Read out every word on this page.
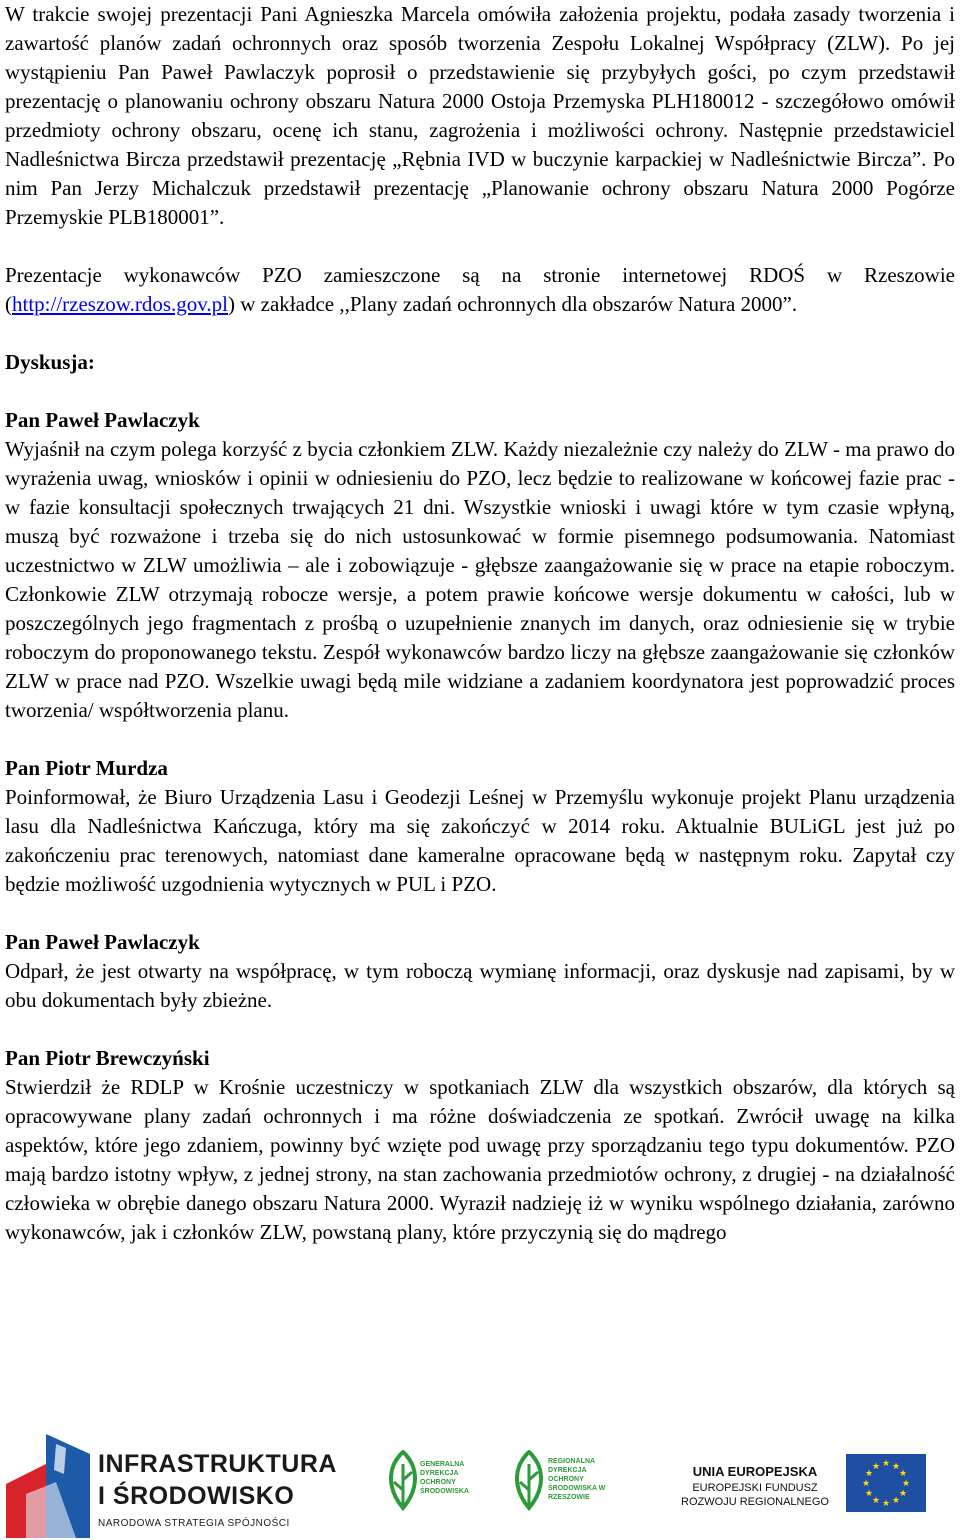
W trakcie swojej prezentacji Pani Agnieszka Marcela omówiła założenia projektu, podała zasady tworzenia i zawartość planów zadań ochronnych oraz sposób tworzenia Zespołu Lokalnej Współpracy (ZLW). Po jej wystąpieniu Pan Paweł Pawlaczyk poprosił o przedstawienie się przybyłych gości, po czym przedstawił prezentację o planowaniu ochrony obszaru Natura 2000 Ostoja Przemyska PLH180012 - szczegółowo omówił przedmioty ochrony obszaru, ocenę ich stanu, zagrożenia i możliwości ochrony. Następnie przedstawiciel Nadleśnictwa Bircza przedstawił prezentację „Rębnia IVD w buczynie karpackiej w Nadleśnictwie Bircza”. Po nim Pan Jerzy Michalczuk przedstawił prezentację „Planowanie ochrony obszaru Natura 2000 Pogórze Przemyskie PLB180001”.

Prezentacje wykonawców PZO zamieszczone są na stronie internetowej RDOŚ w Rzeszowie (http://rzeszow.rdos.gov.pl) w zakładce ,,Plany zadań ochronnych dla obszarów Natura 2000”.

Dyskusja:

Pan Paweł Pawlaczyk

Wyjaśnił na czym polega korzyść z bycia członkiem ZLW. Każdy niezależnie czy należy do ZLW - ma prawo do wyrażenia uwag, wniosków i opinii w odniesieniu do PZO, lecz będzie to realizowane w końcowej fazie prac - w fazie konsultacji społecznych trwających 21 dni. Wszystkie wnioski i uwagi które w tym czasie wpłyną, muszą być rozważone i trzeba się do nich ustosunkować w formie pisemnego podsumowania. Natomiast uczestnictwo w ZLW umożliwia – ale i zobowiązuje - głębsze zaangażowanie się w prace na etapie roboczym. Członkowie ZLW otrzymają robocze wersje, a potem prawie końcowe wersje dokumentu w całości, lub w poszczególnych jego fragmentach z prośbą o uzupełnienie znanych im danych, oraz odniesienie się w trybie roboczym do proponowanego tekstu. Zespół wykonawców bardzo liczy na głębsze zaangażowanie się członków ZLW w prace nad PZO. Wszelkie uwagi będą mile widziane a zadaniem koordynatora jest poprowadzić proces tworzenia/ współtworzenia planu.

Pan Piotr Murdza

Poinformował, że Biuro Urządzenia Lasu i Geodezji Leśnej w Przemyślu wykonuje projekt Planu urządzenia lasu dla Nadleśnictwa Kańczuga, który ma się zakończyć w 2014 roku. Aktualnie BULiGL jest już po zakończeniu prac terenowych, natomiast dane kameralne opracowane będą w następnym roku. Zapytał czy będzie możliwość uzgodnienia wytycznych w PUL i PZO.

Pan Paweł Pawlaczyk

Odparł, że jest otwarty na współpracę, w tym roboczą wymianę informacji, oraz dyskusje nad zapisami, by w obu dokumentach były zbieżne.

Pan Piotr Brewczyński

Stwierdził że RDLP w Krośnie uczestniczy w spotkaniach ZLW dla wszystkich obszarów, dla których są opracowywane plany zadań ochronnych i ma różne doświadczenia ze spotkań. Zwrócił uwagę na kilka aspektów, które jego zdaniem, powinny być wzięte pod uwagę przy sporządzaniu tego typu dokumentów. PZO mają bardzo istotny wpływ, z jednej strony, na stan zachowania przedmiotów ochrony, z drugiej - na działalność człowieka w obrębie danego obszaru Natura 2000. Wyraził nadzieję iż w wyniku wspólnego działania, zarówno wykonawców, jak i członków ZLW, powstaną plany, które przyczynią się do mądrego

INFRASTRUKTURA
I ŚRODOWISKO
NARODOWA STRATEGIA SPÓJNOŚCI
GENERALNA DYREKCJA OCHRONY ŚRODOWISKA
REGIONALNA DYREKCJA OCHRONY ŚRODOWISKA W RZESZOWIE
UNIA EUROPEJSKA
EUROPEJSKI FUNDUSZ
ROZWOJU REGIONALNEGO
★ ★
★
★
★
★
★
★
★
★
★
★
